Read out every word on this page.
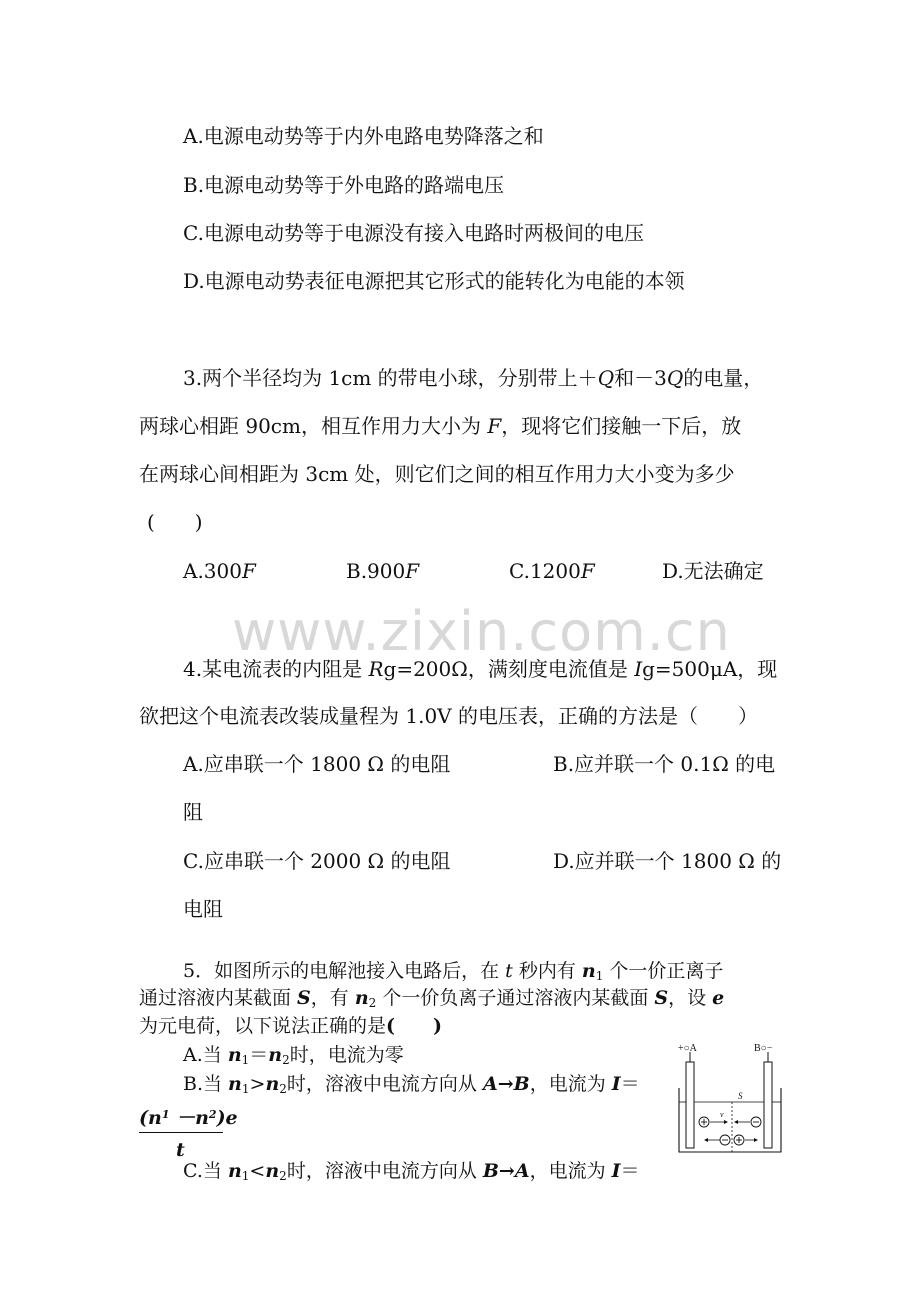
A.电源电动势等于内外电路电势降落之和
B.电源电动势等于外电路的路端电压
C.电源电动势等于电源没有接入电路时两极间的电压
D.电源电动势表征电源把其它形式的能转化为电能的本领
3.两个半径均为 1cm 的带电小球，分别带上＋Q和－3Q的电量，
两球心相距 90cm，相互作用力大小为 F，现将它们接触一下后，放
在两球心间相距为 3cm 处，则它们之间的相互作用力大小变为多少
(　　)
A.300F	B.900F	C.1200F	D.无法确定
www.zixin.com.cn
4.某电流表的内阻是 Rg=200Ω，满刻度电流值是 Ig=500μA，现
欲把这个电流表改装成量程为 1.0V 的电压表，正确的方法是（　　）
A.应串联一个 1800 Ω 的电阻	B.应并联一个 0.1Ω 的电
阻
C.应串联一个 2000 Ω 的电阻	D.应并联一个 1800 Ω 的
电阻
5．如图所示的电解池接入电路后，在 t 秒内有 $n_1$ 个一价正离子
通过溶液内某截面 S，有 $n_2$ 个一价负离子通过溶液内某截面 S，设 e
为元电荷，以下说法正确的是(　　)
A.当 $n_1=n_2$时，电流为零
B.当 $n_1>n_2$时，溶液中电流方向从 A→B，电流为 I＝
$(n^1 -n^2)e$
t
C.当 $n_1<n_2$时，溶液中电流方向从 B→A，电流为 I＝
+○A	B○−
S
v
